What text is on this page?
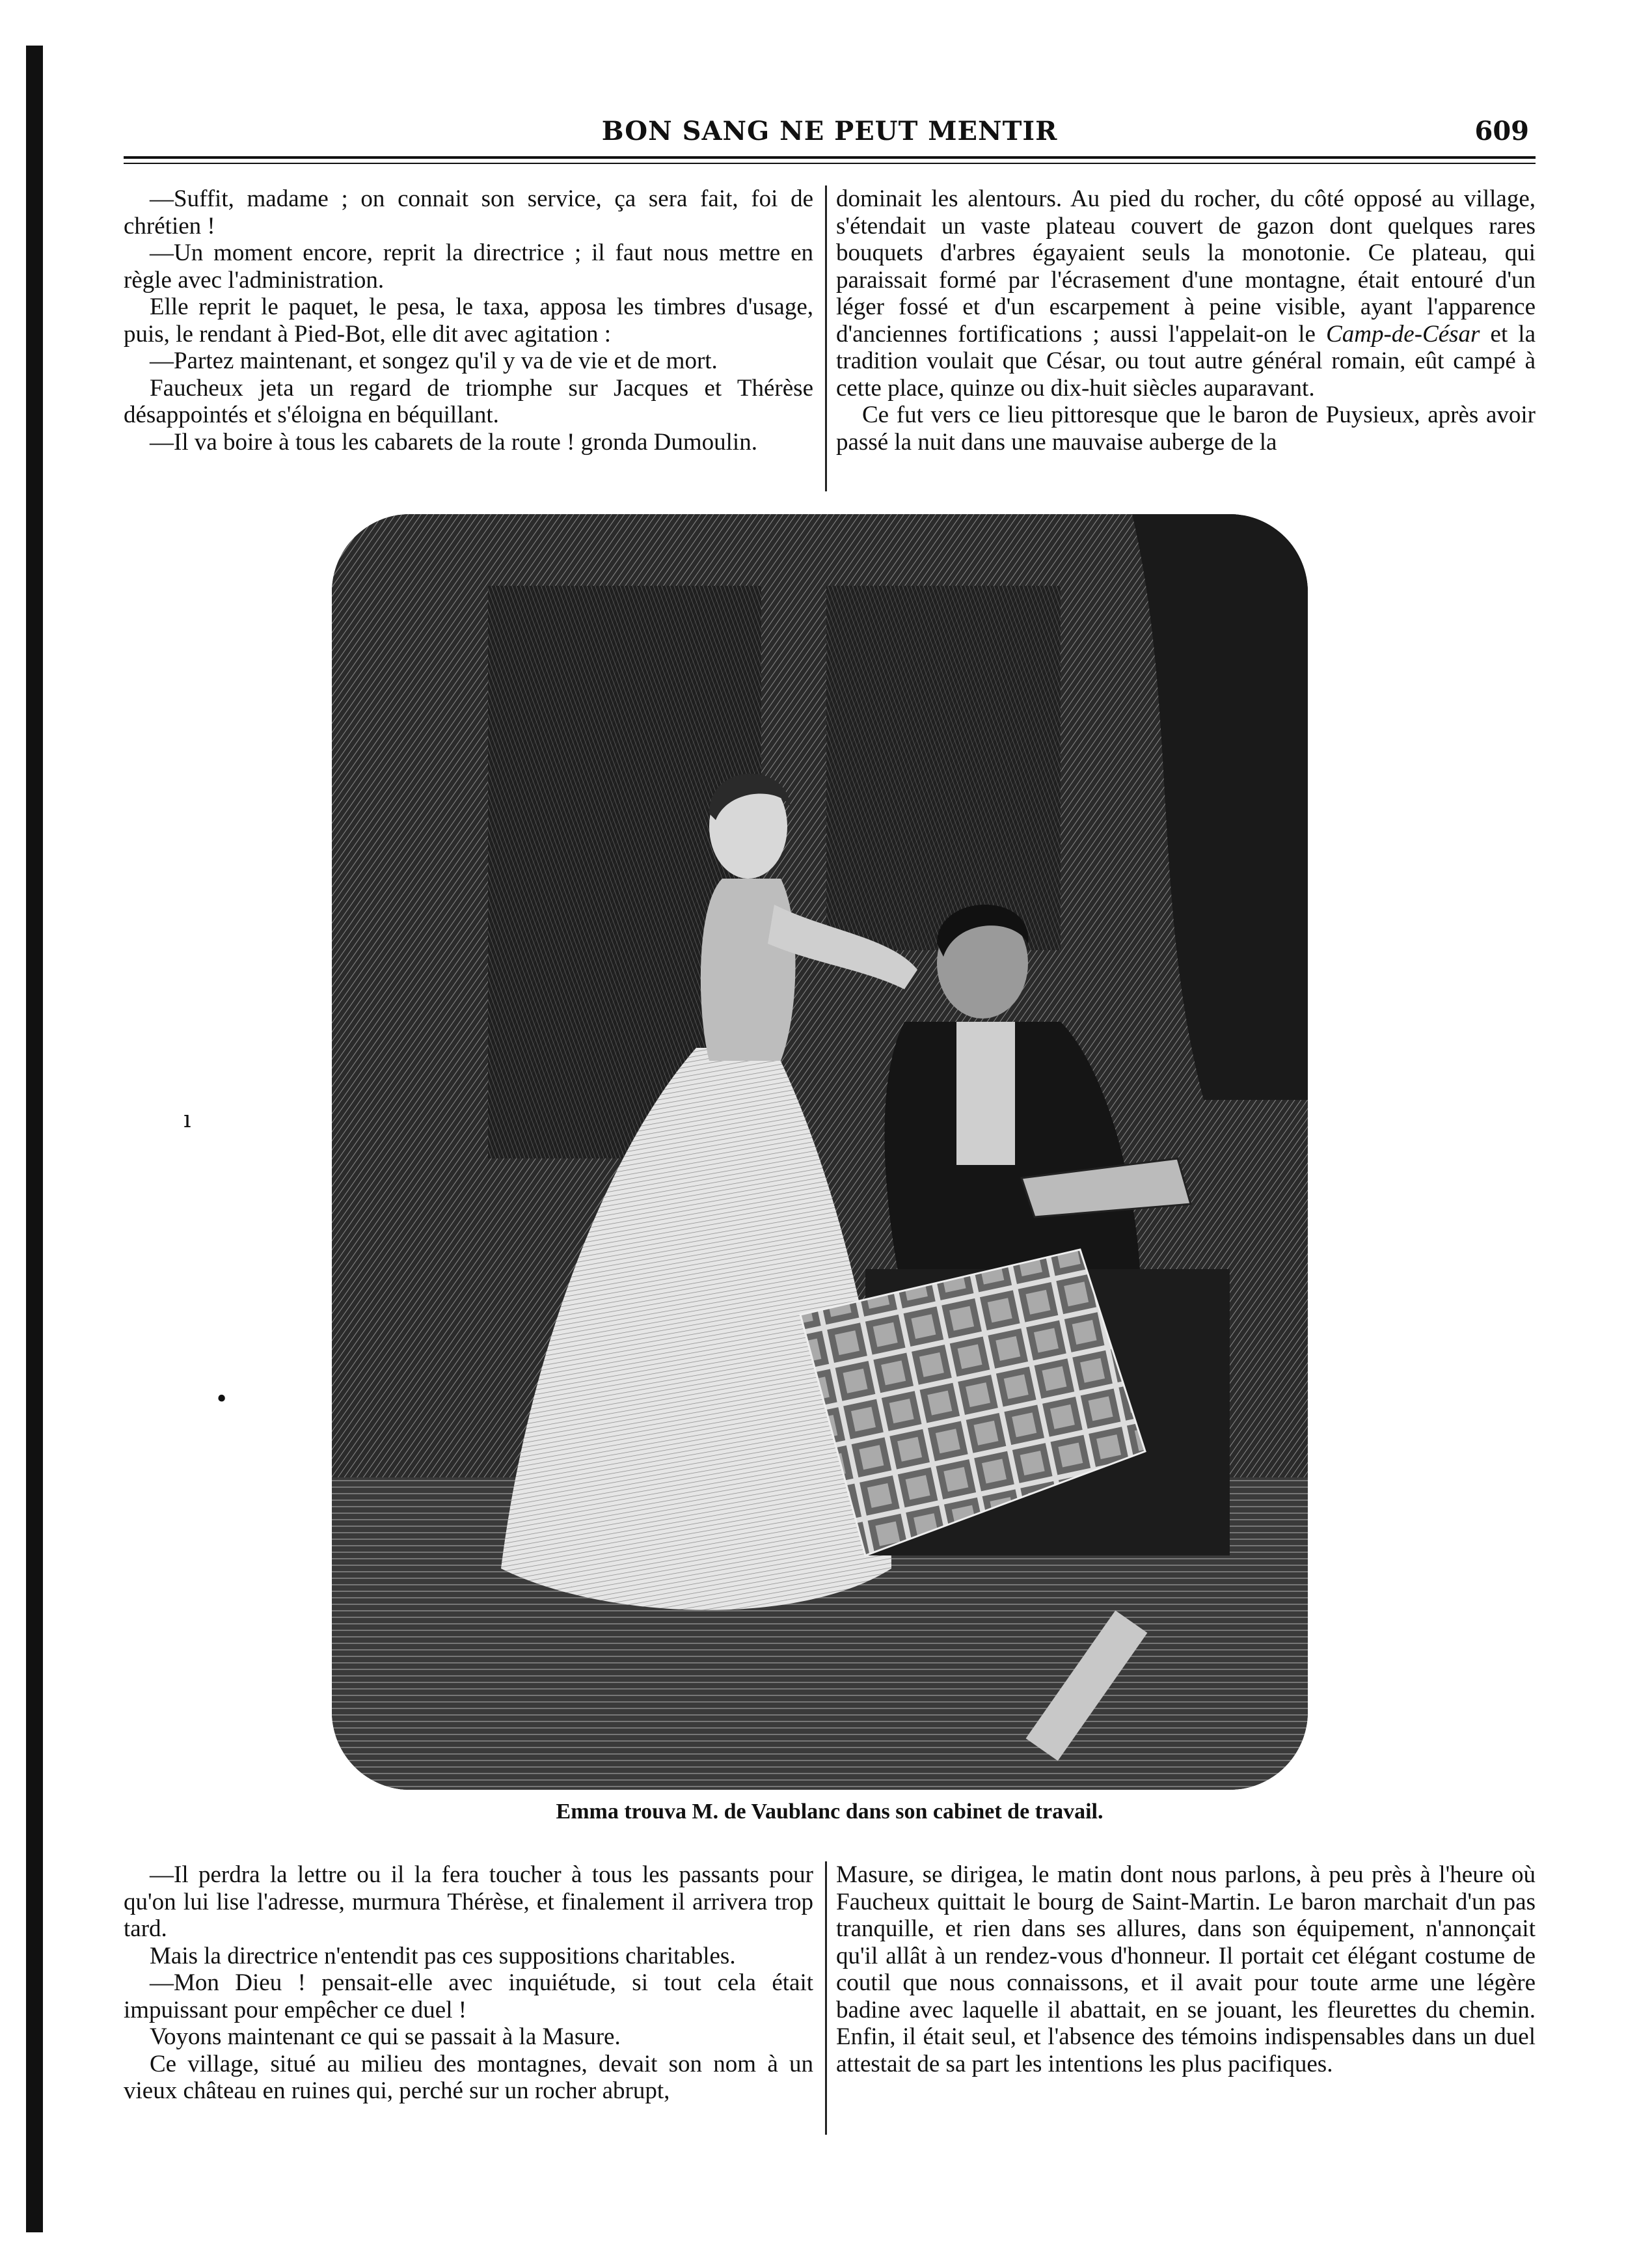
ı
•
BON SANG NE PEUT MENTIR	609

—Suffit, madame ; on connait son service, ça sera fait, foi de chrétien !

—Un moment encore, reprit la directrice ; il faut nous mettre en règle avec l'administration.

Elle reprit le paquet, le pesa, le taxa, apposa les timbres d'usage, puis, le rendant à Pied-Bot, elle dit avec agitation :

—Partez maintenant, et songez qu'il y va de vie et de mort.

Faucheux jeta un regard de triomphe sur Jacques et Thérèse désappointés et s'éloigna en béquillant.

—Il va boire à tous les cabarets de la route ! gronda Dumoulin.

dominait les alentours. Au pied du rocher, du côté opposé au village, s'étendait un vaste plateau couvert de gazon dont quelques rares bouquets d'arbres égayaient seuls la monotonie. Ce plateau, qui paraissait formé par l'écrasement d'une montagne, était entouré d'un léger fossé et d'un escarpement à peine visible, ayant l'apparence d'anciennes fortifications ; aussi l'appelait-on le Camp-de-César et la tradition voulait que César, ou tout autre général romain, eût campé à cette place, quinze ou dix-huit siècles auparavant.

Ce fut vers ce lieu pittoresque que le baron de Puysieux, après avoir passé la nuit dans une mauvaise auberge de la

Emma trouva M. de Vaublanc dans son cabinet de travail.

—Il perdra la lettre ou il la fera toucher à tous les passants pour qu'on lui lise l'adresse, murmura Thérèse, et finalement il arrivera trop tard.

Mais la directrice n'entendit pas ces suppositions charitables.

—Mon Dieu ! pensait-elle avec inquiétude, si tout cela était impuissant pour empêcher ce duel !

Voyons maintenant ce qui se passait à la Masure.

Ce village, situé au milieu des montagnes, devait son nom à un vieux château en ruines qui, perché sur un rocher abrupt,

Masure, se dirigea, le matin dont nous parlons, à peu près à l'heure où Faucheux quittait le bourg de Saint-Martin. Le baron marchait d'un pas tranquille, et rien dans ses allures, dans son équipement, n'annonçait qu'il allât à un rendez-vous d'honneur. Il portait cet élégant costume de coutil que nous connaissons, et il avait pour toute arme une légère badine avec laquelle il abattait, en se jouant, les fleurettes du chemin. Enfin, il était seul, et l'absence des témoins indispensables dans un duel attestait de sa part les intentions les plus pacifiques.
